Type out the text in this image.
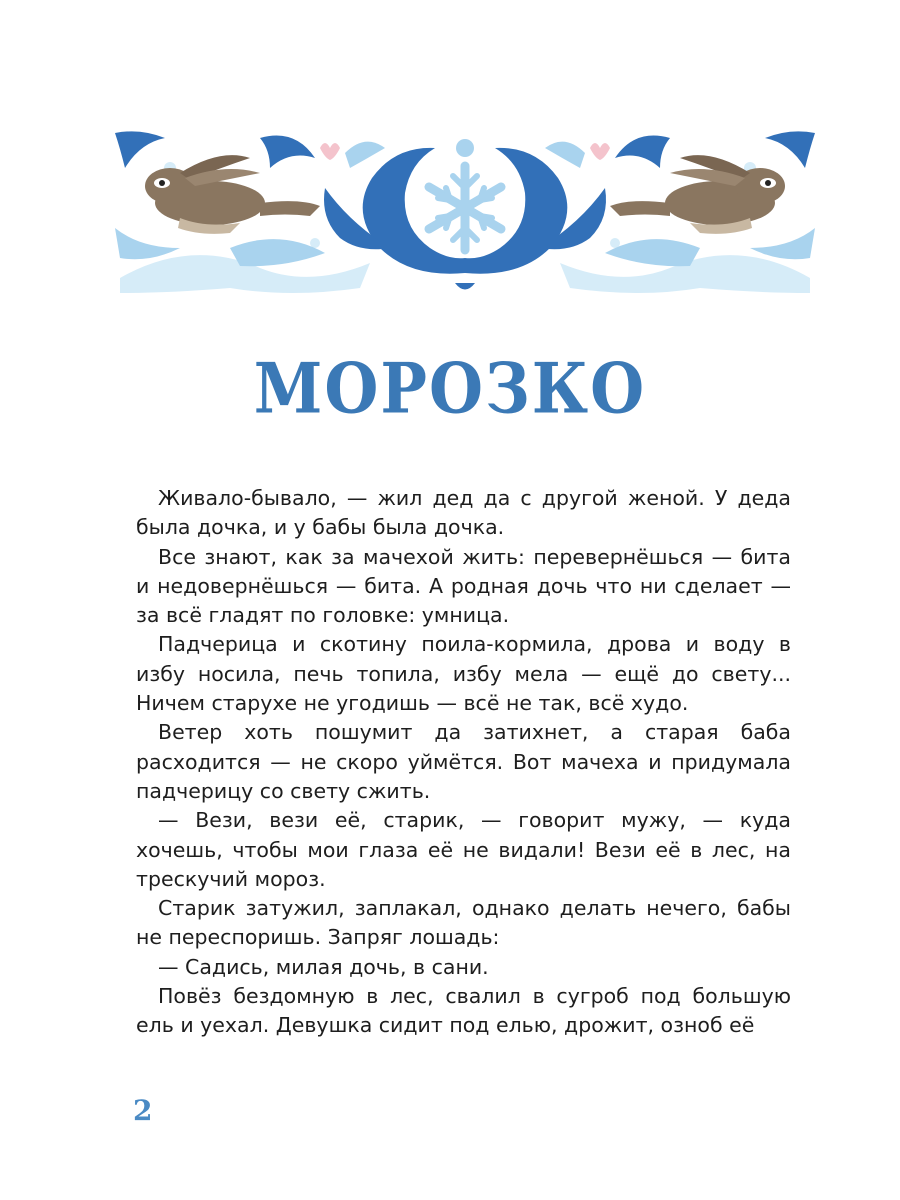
МОРОЗКО

Живало-бывало, — жил дед да с другой женой. У деда была дочка, и у бабы была дочка.

Все знают, как за мачехой жить: перевернёшься — бита и недовернёшься — бита. А родная дочь что ни сделает — за всё гладят по головке: умница.

Падчерица и скотину поила-кормила, дрова и воду в избу носила, печь топила, избу мела — ещё до свету... Ничем старухе не угодишь — всё не так, всё худо.

Ветер хоть пошумит да затихнет, а старая баба расходится — не скоро уймётся. Вот мачеха и придумала падчерицу со свету сжить.

— Вези, вези её, старик, — говорит мужу, — куда хочешь, чтобы мои глаза её не видали! Вези её в лес, на трескучий мороз.

Старик затужил, заплакал, однако делать нечего, бабы не переспоришь. Запряг лошадь:

— Садись, милая дочь, в сани.

Повёз бездомную в лес, свалил в сугроб под большую ель и уехал. Девушка сидит под елью, дрожит, озноб её

2
